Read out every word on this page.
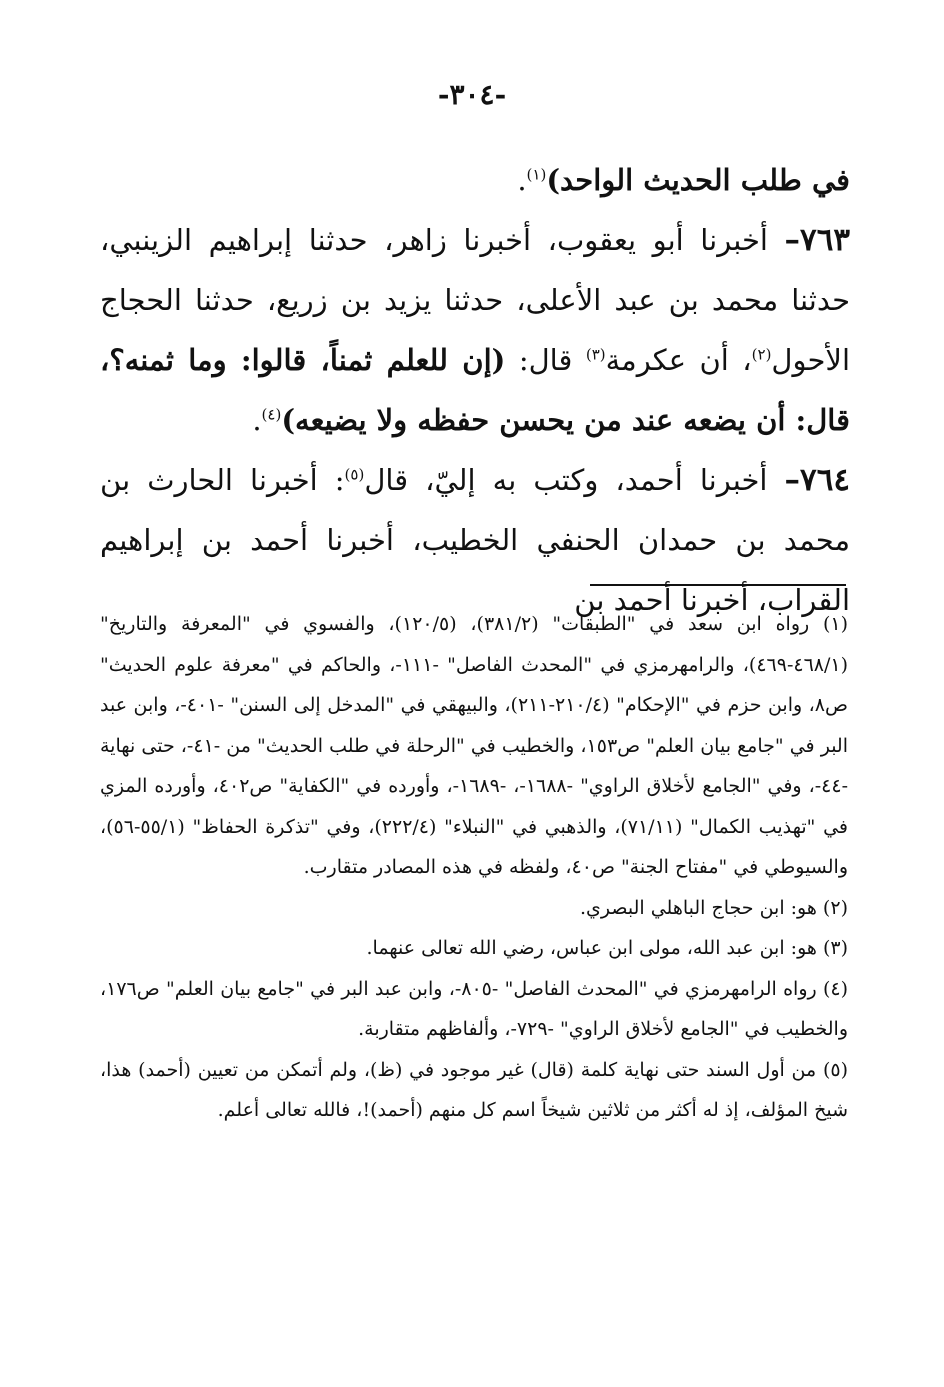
-٣٠٤-

في طلب الحديث الواحد)$^{(١)}$.

٧٦٣– أخبرنا أبو يعقوب، أخبرنا زاهر، حدثنا إبراهيم الزينبي، حدثنا محمد بن عبد الأعلى، حدثنا يزيد بن زريع، حدثنا الحجاج الأحول$^{(٢)}$، أن عكرمة$^{(٣)}$ قال: (إن للعلم ثمناً، قالوا: وما ثمنه؟، قال: أن يضعه عند من يحسن حفظه ولا يضيعه)$^{(٤)}$.

٧٦٤– أخبرنا أحمد، وكتب به إليّ، قال$^{(٥)}$: أخبرنا الحارث بن محمد بن حمدان الحنفي الخطيب، أخبرنا أحمد بن إبراهيم القراب، أخبرنا أحمد بن

(١) رواه ابن سعد في "الطبقات" (٣٨١/٢)، (١٢٠/٥)، والفسوي في "المعرفة والتاريخ" (٤٦٨/١-٤٦٩)، والرامهرمزي في "المحدث الفاصل" -١١١-، والحاكم في "معرفة علوم الحديث" ص٨، وابن حزم في "الإحكام" (٢١٠/٤-٢١١)، والبيهقي في "المدخل إلى السنن" -٤٠١-، وابن عبد البر في "جامع بيان العلم" ص١٥٣، والخطيب في "الرحلة في طلب الحديث" من -٤١-، حتى نهاية -٤٤-، وفي "الجامع لأخلاق الراوي" -١٦٨٨-، -١٦٨٩-، وأورده في "الكفاية" ص٤٠٢، وأورده المزي في "تهذيب الكمال" (٧١/١١)، والذهبي في "النبلاء" (٢٢٢/٤)، وفي "تذكرة الحفاظ" (٥٥/١-٥٦)، والسيوطي في "مفتاح الجنة" ص٤٠، ولفظه في هذه المصادر متقارب.

(٢) هو: ابن حجاج الباهلي البصري.

(٣) هو: ابن عبد الله، مولى ابن عباس، رضي الله تعالى عنهما.

(٤) رواه الرامهرمزي في "المحدث الفاصل" -٨٠٥-، وابن عبد البر في "جامع بيان العلم" ص١٧٦، والخطيب في "الجامع لأخلاق الراوي" -٧٢٩-، وألفاظهم متقاربة.

(٥) من أول السند حتى نهاية كلمة (قال) غير موجود في (ظ)، ولم أتمكن من تعيين (أحمد) هذا، شيخ المؤلف، إذ له أكثر من ثلاثين شيخاً اسم كل منهم (أحمد)!، فالله تعالى أعلم.
